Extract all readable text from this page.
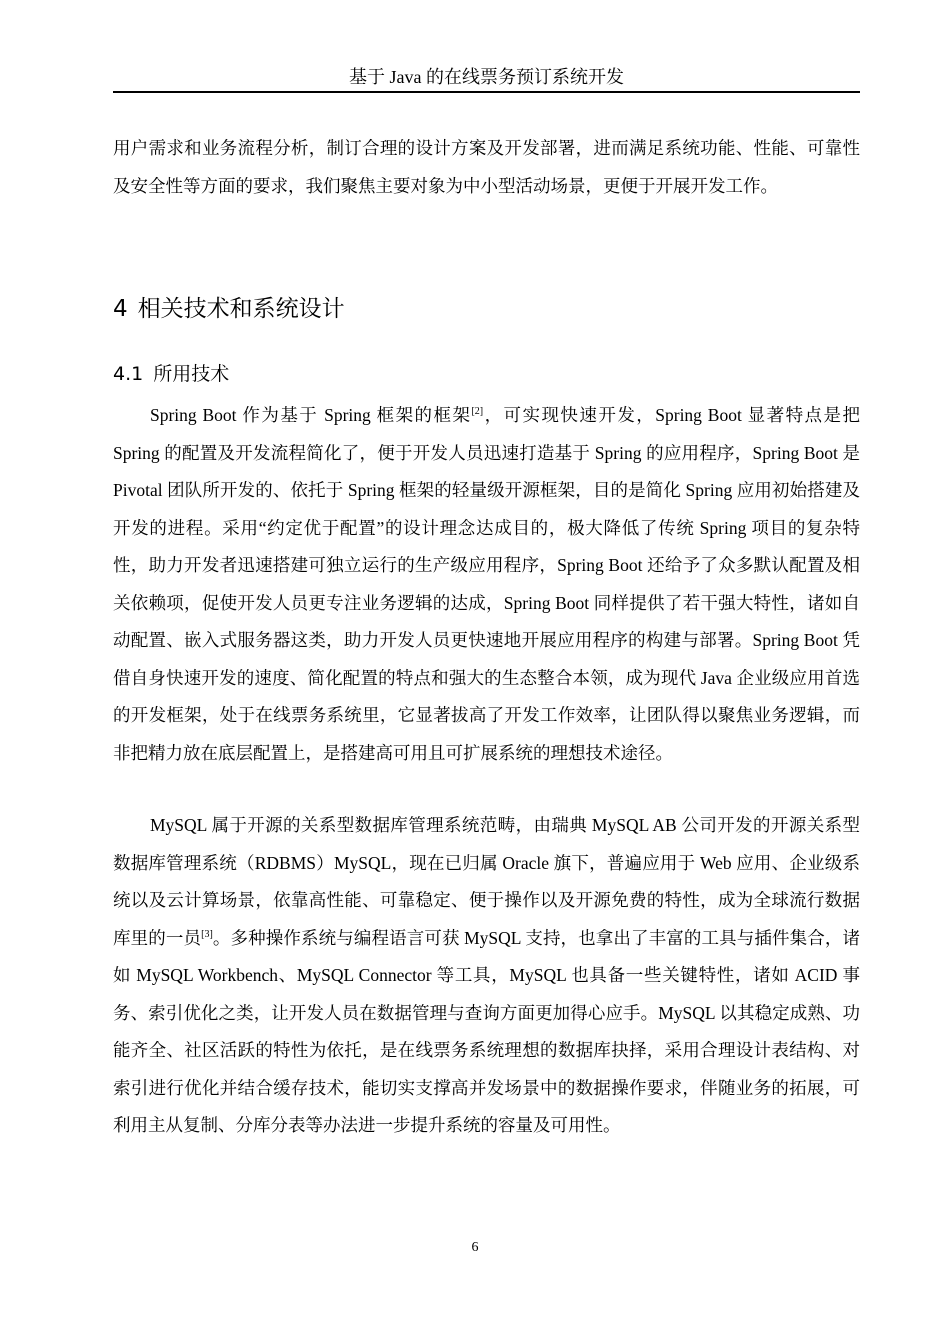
基于 Java 的在线票务预订系统开发

用户需求和业务流程分析，制订合理的设计方案及开发部署，进而满足系统功能、性能、可靠性及安全性等方面的要求，我们聚焦主要对象为中小型活动场景，更便于开展开发工作。

4 相关技术和系统设计
4.1 所用技术

Spring Boot 作为基于 Spring 框架的框架[2]，可实现快速开发，Spring Boot 显著特点是把 Spring 的配置及开发流程简化了，便于开发人员迅速打造基于 Spring 的应用程序，Spring Boot 是 Pivotal 团队所开发的、依托于 Spring 框架的轻量级开源框架，目的是简化 Spring 应用初始搭建及开发的进程。采用“约定优于配置”的设计理念达成目的，极大降低了传统 Spring 项目的复杂特性，助力开发者迅速搭建可独立运行的生产级应用程序，Spring Boot 还给予了众多默认配置及相关依赖项，促使开发人员更专注业务逻辑的达成，Spring Boot 同样提供了若干强大特性，诸如自动配置、嵌入式服务器这类，助力开发人员更快速地开展应用程序的构建与部署。Spring Boot 凭借自身快速开发的速度、简化配置的特点和强大的生态整合本领，成为现代 Java 企业级应用首选的开发框架，处于在线票务系统里，它显著拔高了开发工作效率，让团队得以聚焦业务逻辑，而非把精力放在底层配置上，是搭建高可用且可扩展系统的理想技术途径。

MySQL 属于开源的关系型数据库管理系统范畴，由瑞典 MySQL AB 公司开发的开源关系型数据库管理系统（RDBMS）MySQL，现在已归属 Oracle 旗下，普遍应用于 Web 应用、企业级系统以及云计算场景，依靠高性能、可靠稳定、便于操作以及开源免费的特性，成为全球流行数据库里的一员[3]。多种操作系统与编程语言可获 MySQL 支持，也拿出了丰富的工具与插件集合，诸如 MySQL Workbench、MySQL Connector 等工具，MySQL 也具备一些关键特性，诸如 ACID 事务、索引优化之类，让开发人员在数据管理与查询方面更加得心应手。MySQL 以其稳定成熟、功能齐全、社区活跃的特性为依托，是在线票务系统理想的数据库抉择，采用合理设计表结构、对索引进行优化并结合缓存技术，能切实支撑高并发场景中的数据操作要求，伴随业务的拓展，可利用主从复制、分库分表等办法进一步提升系统的容量及可用性。

6
